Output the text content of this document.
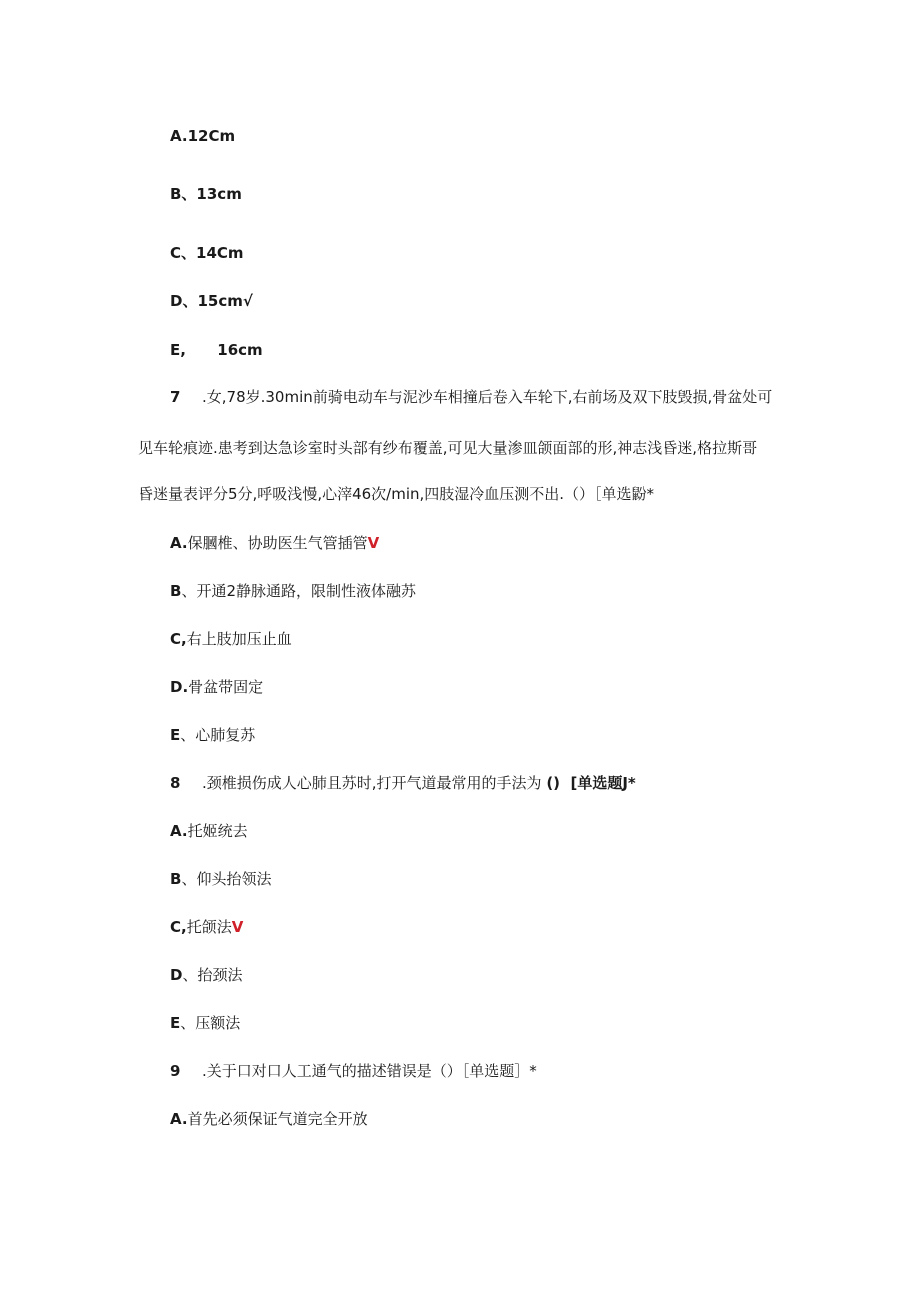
A.12Cm
B、13cm
C、14Cm
D、15cm√
E,      16cm
7 .女,78岁.30min前骑电动车与泥沙车相撞后卷入车轮下,右前场及双下肢毁损,骨盆处可
见车轮痕迹.患考到达急诊室时头部有纱布覆盖,可见大量渗皿颌面部的形,神志浅昏迷,格拉斯哥
昏迷量表评分5分,呼吸浅慢,心滓46次/min,四肢湿冷血压测不出.（）［单选鼢*
A.保膕椎、协助医生气管插管V
B、开通2静脉通路，限制性液体融苏
C,右上肢加压止血
D.骨盆带固定
E、心肺复苏
8 .颈椎损伤成人心肺且苏时,打开气道最常用的手法为 ()  [单选题J*
A.托姬统去
B、仰头抬领法
C,托颌法V
D、抬颈法
E、压额法
9 .关于口对口人工通气的描述错误是（）［单选题］*
A.首先必须保证气道完全开放
